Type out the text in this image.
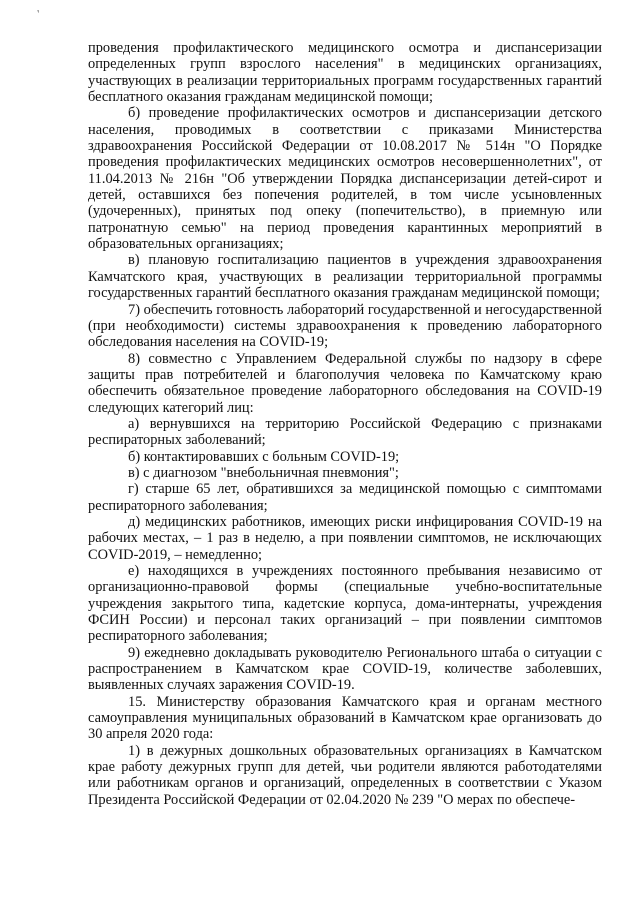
ʼ

проведения профилактического медицинского осмотра и диспансеризации определенных групп взрослого населения" в медицинских организациях, участвующих в реализации территориальных программ государственных гарантий бесплатного оказания гражданам медицинской помощи;

б) проведение профилактических осмотров и диспансеризации детского населения, проводимых в соответствии с приказами Министерства здравоохранения Российской Федерации от 10.08.2017 № 514н "О Порядке проведения профилактических медицинских осмотров несовершеннолетних", от 11.04.2013 № 216н "Об утверждении Порядка диспансеризации детей-сирот и детей, оставшихся без попечения родителей, в том числе усыновленных (удочеренных), принятых под опеку (попечительство), в приемную или патронатную семью" на период проведения карантинных мероприятий в образовательных организациях;

в) плановую госпитализацию пациентов в учреждения здравоохранения Камчатского края, участвующих в реализации территориальной программы государственных гарантий бесплатного оказания гражданам медицинской помощи;

7) обеспечить готовность лабораторий государственной и негосударственной (при необходимости) системы здравоохранения к проведению лабораторного обследования населения на COVID-19;

8) совместно с Управлением Федеральной службы по надзору в сфере защиты прав потребителей и благополучия человека по Камчатскому краю обеспечить обязательное проведение лабораторного обследования на COVID-19 следующих категорий лиц:

а) вернувшихся на территорию Российской Федерацию с признаками респираторных заболеваний;

б) контактировавших с больным COVID-19;

в) с диагнозом "внебольничная пневмония";

г) старше 65 лет, обратившихся за медицинской помощью с симптомами респираторного заболевания;

д) медицинских работников, имеющих риски инфицирования COVID-19 на рабочих местах, – 1 раз в неделю, а при появлении симптомов, не исключающих COVID-2019, – немедленно;

е) находящихся в учреждениях постоянного пребывания независимо от организационно-правовой формы (специальные учебно-воспитательные учреждения закрытого типа, кадетские корпуса, дома-интернаты, учреждения ФСИН России) и персонал таких организаций – при появлении симптомов респираторного заболевания;

9) ежедневно докладывать руководителю Регионального штаба о ситуации с распространением в Камчатском крае COVID-19, количестве заболевших, выявленных случаях заражения COVID-19.

15. Министерству образования Камчатского края и органам местного самоуправления муниципальных образований в Камчатском крае организовать до 30 апреля 2020 года:

1) в дежурных дошкольных образовательных организациях в Камчатском крае работу дежурных групп для детей, чьи родители являются работодателями или работникам органов и организаций, определенных в соответствии с Указом Президента Российской Федерации от 02.04.2020 № 239 "О мерах по обеспече-
